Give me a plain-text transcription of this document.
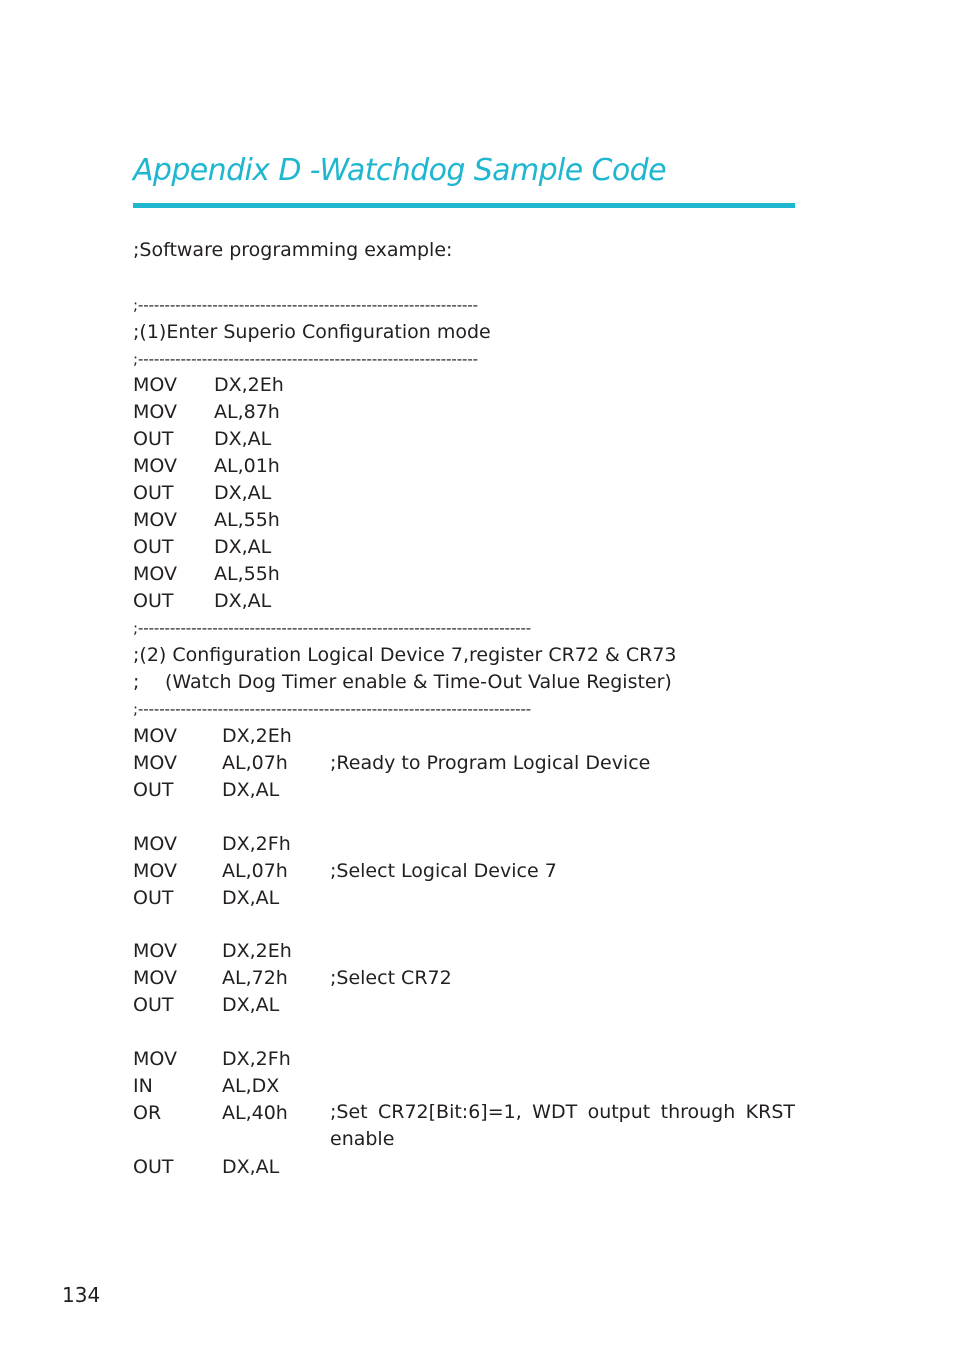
Appendix D -Watchdog Sample Code
;Software programming example:
;----------------------------------------------------------------
;(1)Enter Superio Configuration mode
;----------------------------------------------------------------
MOV DX,2Eh
MOV AL,87h
OUT DX,AL
MOV AL,01h
OUT DX,AL
MOV AL,55h
OUT DX,AL
MOV AL,55h
OUT DX,AL
;--------------------------------------------------------------------------
;(2) Configuration Logical Device 7,register CR72 & CR73
; (Watch Dog Timer enable & Time-Out Value Register)
;--------------------------------------------------------------------------
MOV DX,2Eh
MOV AL,07h ;Ready to Program Logical Device
OUT	DX,AL
MOV DX,2Fh
MOV AL,07h ;Select Logical Device 7
OUT	DX,AL
MOV DX,2Eh
MOV AL,72h ;Select CR72
OUT	DX,AL
MOV DX,2Fh
IN	AL,DX
OR	AL,40h ;Set CR72[Bit:6]=1, WDT output through KRST enable
OUT	DX,AL
134
